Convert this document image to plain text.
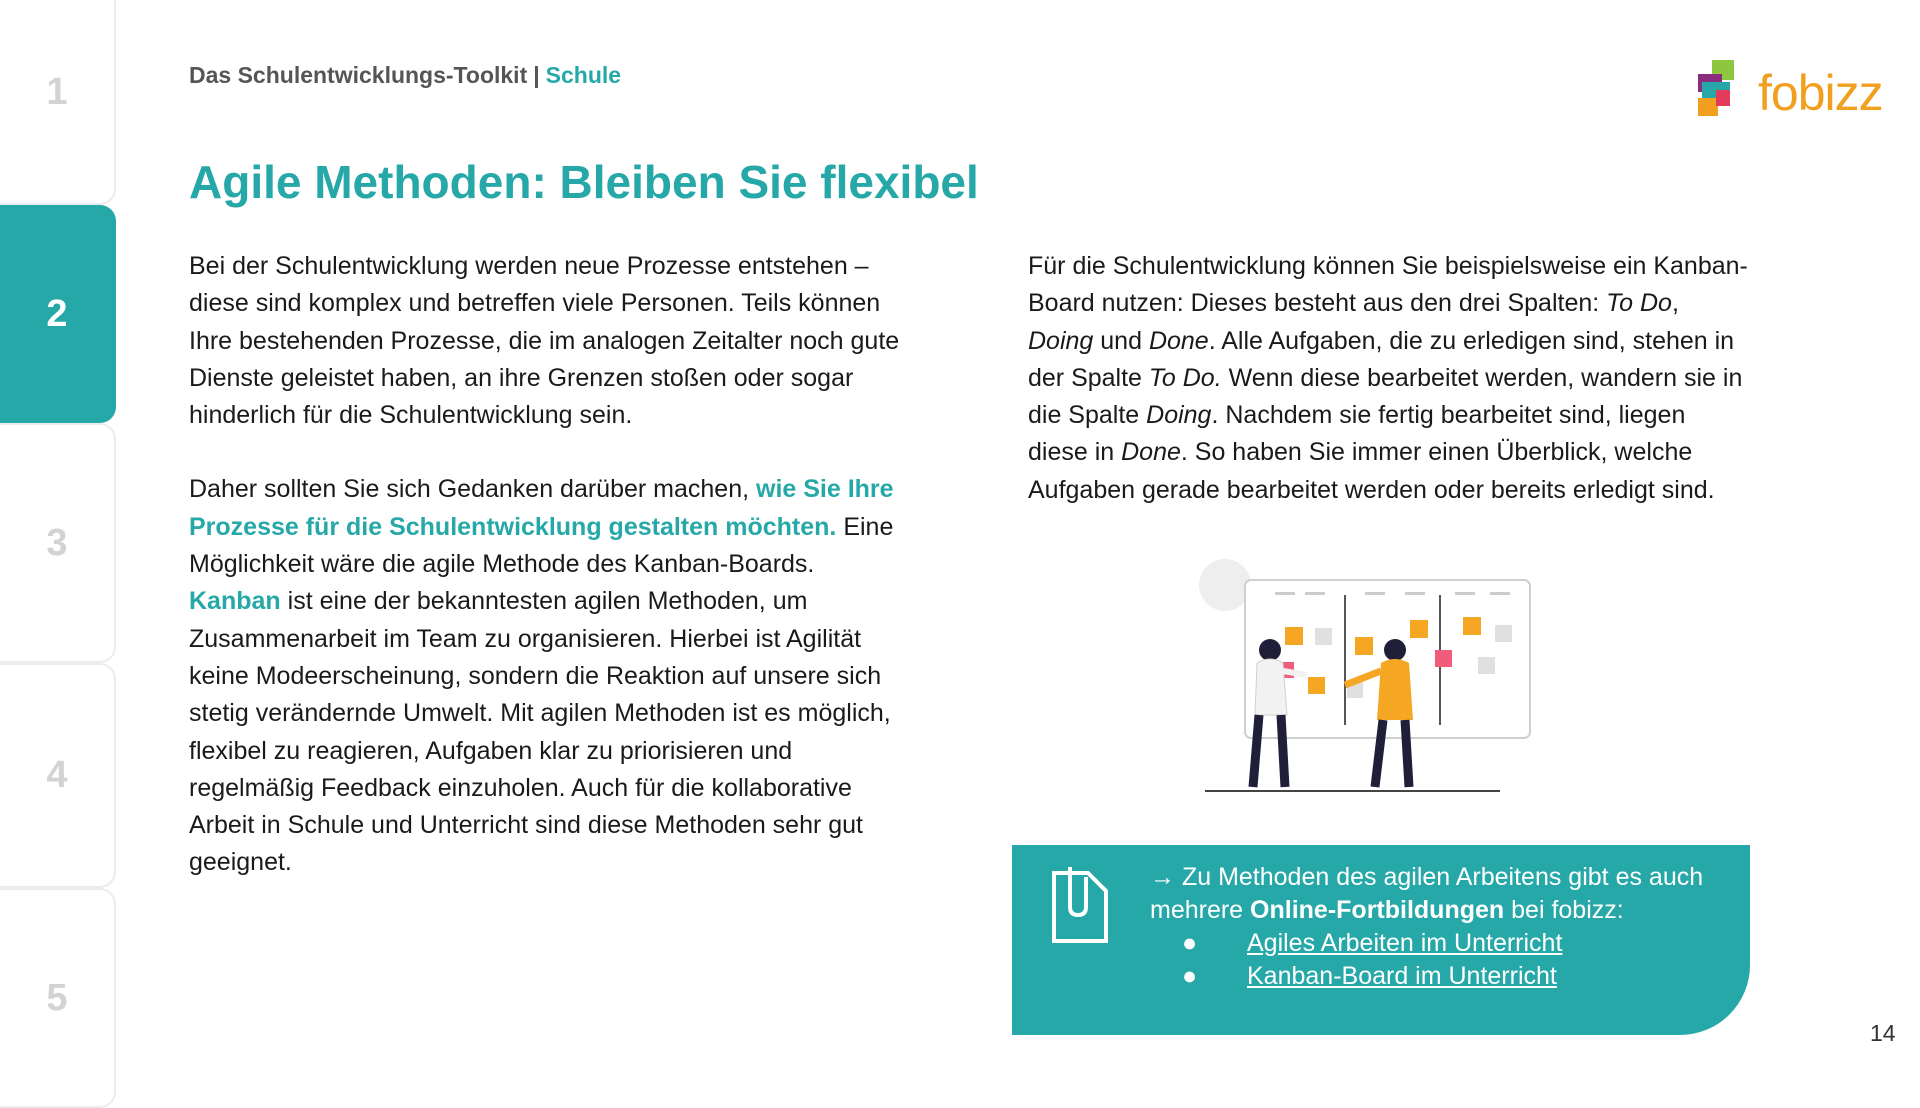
1
2
3
4
5
Das Schulentwicklungs-Toolkit | Schule	fobizz
Agile Methoden: Bleiben Sie flexibel

Bei der Schulentwicklung werden neue Prozesse entstehen – diese sind komplex und betreffen viele Personen. Teils können Ihre bestehenden Prozesse, die im analogen Zeitalter noch gute Dienste geleistet haben, an ihre Grenzen stoßen oder sogar hinderlich für die Schulentwicklung sein.

Daher sollten Sie sich Gedanken darüber machen, wie Sie Ihre Prozesse für die Schulentwicklung gestalten möchten. Eine Möglichkeit wäre die agile Methode des Kanban-Boards. Kanban ist eine der bekanntesten agilen Methoden, um Zusammenarbeit im Team zu organisieren. Hierbei ist Agilität keine Modeerscheinung, sondern die Reaktion auf unsere sich stetig verändernde Umwelt. Mit agilen Methoden ist es möglich, flexibel zu reagieren, Aufgaben klar zu priorisieren und regelmäßig Feedback einzuholen. Auch für die kollaborative Arbeit in Schule und Unterricht sind diese Methoden sehr gut geeignet.

Für die Schulentwicklung können Sie beispielsweise ein Kanban-Board nutzen: Dieses besteht aus den drei Spalten: To Do, Doing und Done. Alle Aufgaben, die zu erledigen sind, stehen in der Spalte To Do. Wenn diese bearbeitet werden, wandern sie in die Spalte Doing. Nachdem sie fertig bearbeitet sind, liegen diese in Done. So haben Sie immer einen Überblick, welche Aufgaben gerade bearbeitet werden oder bereits erledigt sind.

→ Zu Methoden des agilen Arbeitens gibt es auch mehrere Online-Fortbildungen bei fobizz:
● Agiles Arbeiten im Unterricht
● Kanban-Board im Unterricht
14
